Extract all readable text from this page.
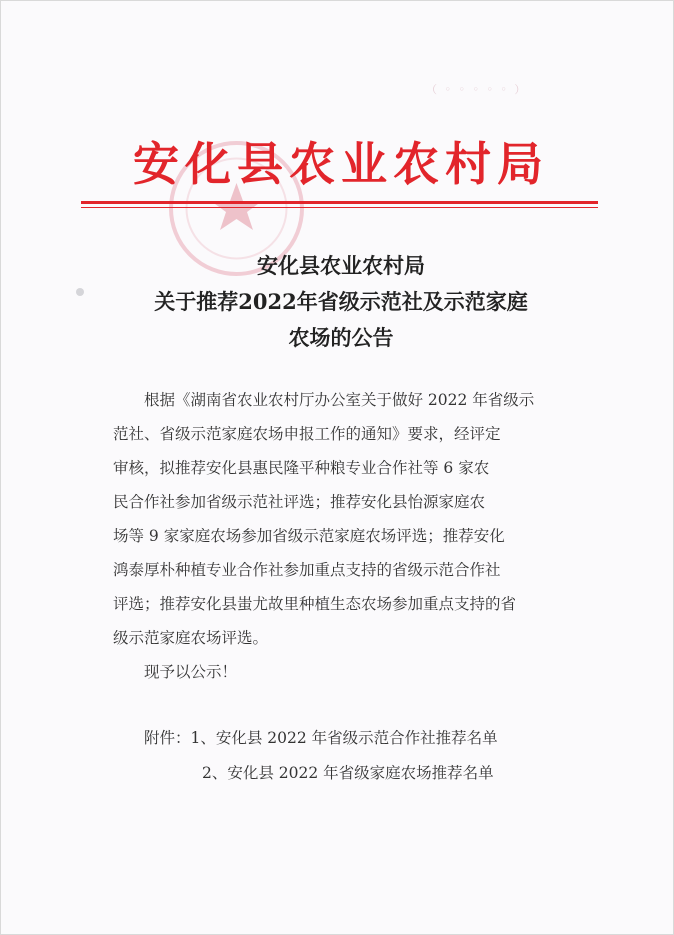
（ ◦ ◦ ◦ ◦ ◦ ）
安化县农业农村局
安化县农业农村局
关于推荐2022年省级示范社及示范家庭
农场的公告
根据《湖南省农业农村厅办公室关于做好 2022 年省级示
范社、省级示范家庭农场申报工作的通知》要求，经评定
审核，拟推荐安化县惠民隆平种粮专业合作社等 6 家农
民合作社参加省级示范社评选；推荐安化县怡源家庭农
场等 9 家家庭农场参加省级示范家庭农场评选；推荐安化
鸿泰厚朴种植专业合作社参加重点支持的省级示范合作社
评选；推荐安化县蚩尤故里种植生态农场参加重点支持的省
级示范家庭农场评选。
现予以公示！
附件：1、安化县 2022 年省级示范合作社推荐名单
2、安化县 2022 年省级家庭农场推荐名单
